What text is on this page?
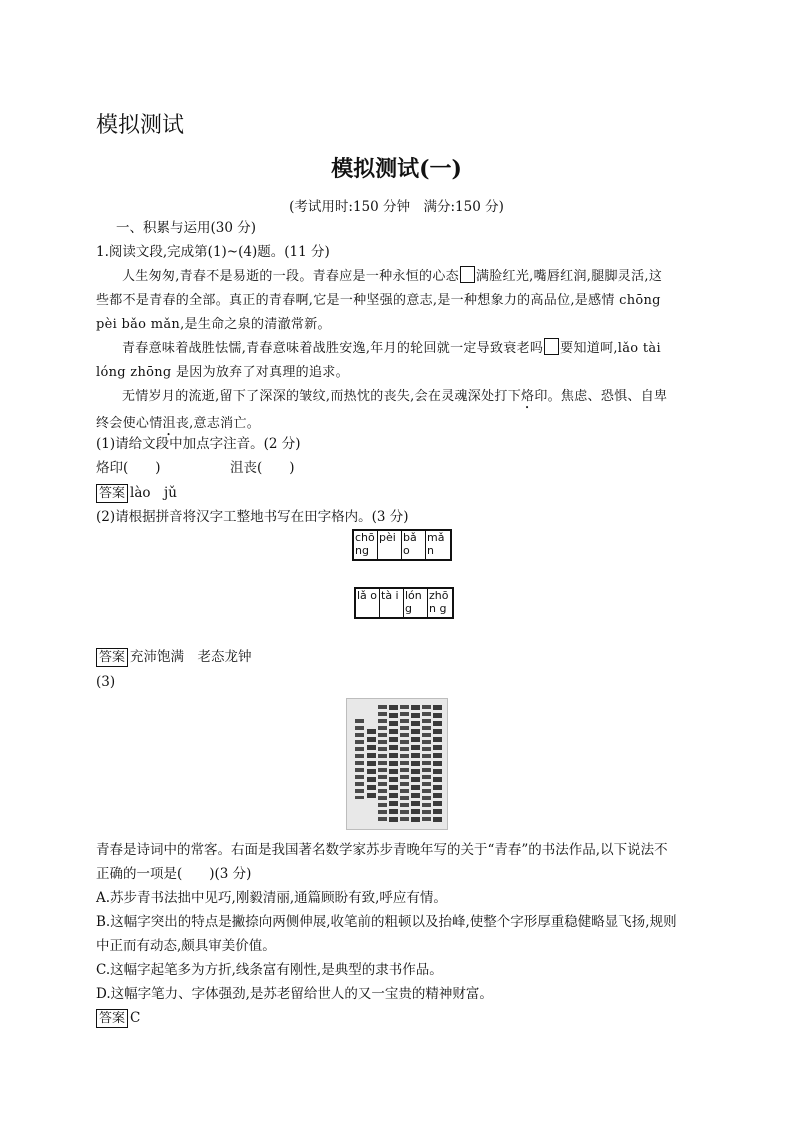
模拟测试
模拟测试(一)
(考试用时:150 分钟　满分:150 分)
一、积累与运用(30 分)
1.阅读文段,完成第(1)~(4)题。(11 分)
人生匆匆,青春不是易逝的一段。青春应是一种永恒的心态 满脸红光,嘴唇红润,腿脚灵活,这
些都不是青春的全部。真正的青春啊,它是一种坚强的意志,是一种想象力的高品位,是感情 chōng
pèi bǎo mǎn,是生命之泉的清澈常新。
青春意味着战胜怯懦,青春意味着战胜安逸,年月的轮回就一定导致衰老吗 要知道呵,lǎo tài
lóng zhōng 是因为放弃了对真理的追求。
无情岁月的流逝,留下了深深的皱纹,而热忱的丧失,会在灵魂深处打下烙印。焦虑、恐惧、自卑
终会使心情沮丧,意志消亡。
(1)请给文段中加点字注音。(2 分)
烙印(　　)	沮丧(　　)
答案 lào　jǔ
(2)请根据拼音将汉字工整地书写在田字格内。(3 分)
chōng
pèi bǎ o
mǎ n
lǎ o tà i lón g
zhōn g
答案 充沛饱满　老态龙钟
(3)
青春是诗词中的常客。右面是我国著名数学家苏步青晚年写的关于“青春”的书法作品,以下说法不
正确的一项是(　　)(3 分)
A.苏步青书法拙中见巧,刚毅清丽,通篇顾盼有致,呼应有情。
B.这幅字突出的特点是撇捺向两侧伸展,收笔前的粗顿以及抬峰,使整个字形厚重稳健略显飞扬,规则
中正而有动态,颇具审美价值。
C.这幅字起笔多为方折,线条富有刚性,是典型的隶书作品。
D.这幅字笔力、字体强劲,是苏老留给世人的又一宝贵的精神财富。
答案 C
